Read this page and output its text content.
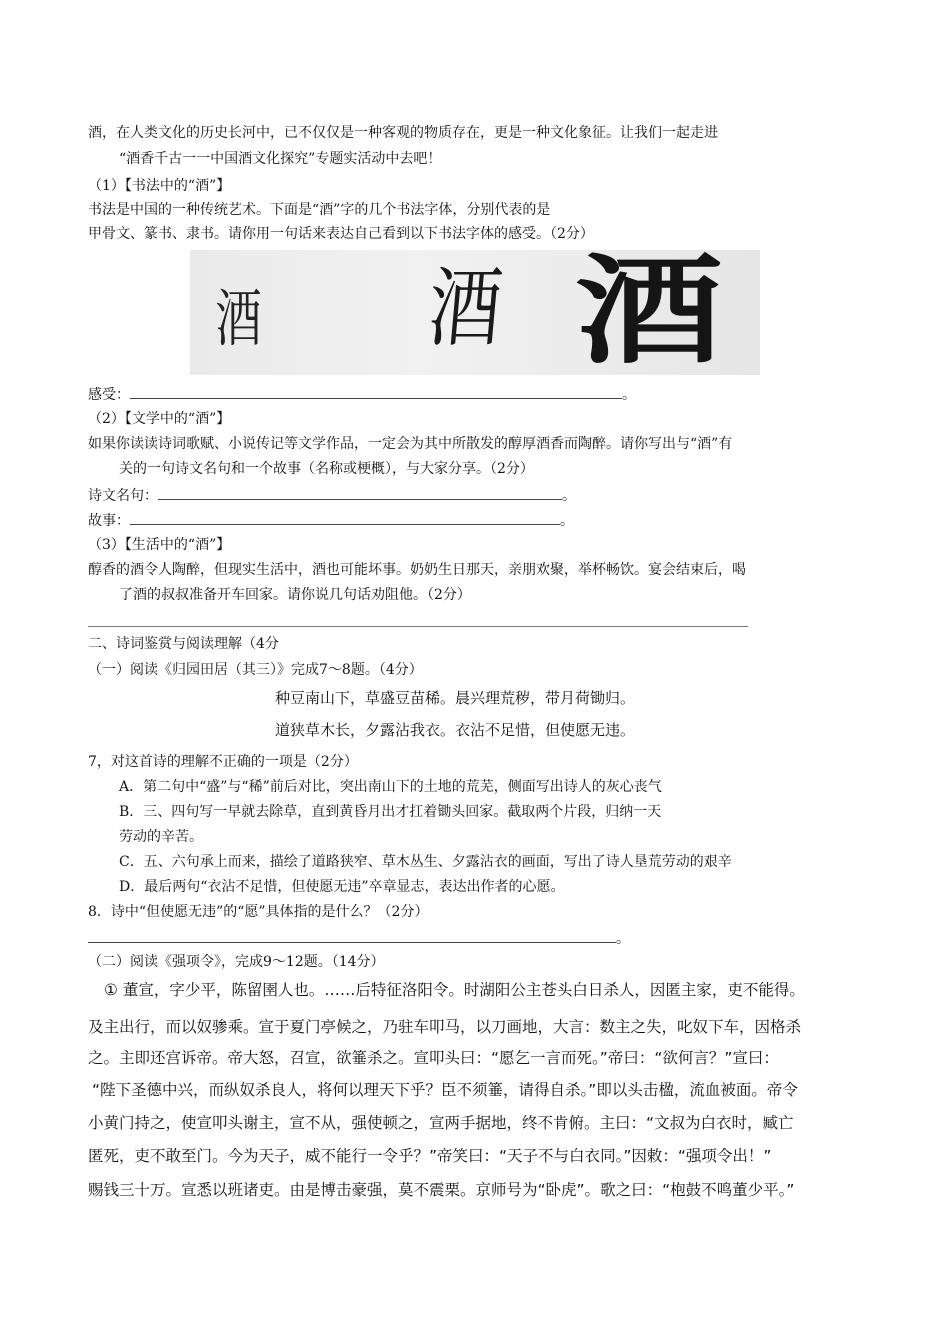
酒，在人类文化的历史长河中，已不仅仅是一种客观的物质存在，更是一种文化象征。让我们一起走进
“酒香千古一一中国酒文化探究”专题实活动中去吧！
（1）【书法中的“酒”】
书法是中国的一种传统艺术。下面是“酒”字的几个书法字体，分别代表的是
甲骨文、篆书、隶书。请你用一句话来表达自己看到以下书法字体的感受。（2分）
酒 酒 酒
感受：	。
（2）【文学中的“酒”】
如果你读读诗词歌赋、小说传记等文学作品，一定会为其中所散发的醇厚酒香而陶醉。请你写出与“酒”有
关的一句诗文名句和一个故事（名称或梗概），与大家分享。（2分）
诗文名句：	。
故事：	。
（3）【生活中的“酒”】
醇香的酒令人陶醉，但现实生活中，酒也可能坏事。奶奶生日那天，亲朋欢聚，举杯畅饮。宴会结束后，喝
了酒的叔叔准备开车回家。请你说几句话劝阻他。（2分）
二、诗词鉴赏与阅读理解（4分
（一）阅读《归园田居（其三）》完成7～8题。（4分）
种豆南山下，草盛豆苗稀。晨兴理荒秽，带月荷锄归。
道狭草木长，夕露沾我衣。衣沾不足惜，但使愿无违。
7，对这首诗的理解不正确的一项是（2分）
A．第二句中“盛”与“稀”前后对比，突出南山下的土地的荒芜，侧面写出诗人的灰心丧气
B．三、四句写一早就去除草，直到黄昏月出才扛着锄头回家。截取两个片段，归纳一天
劳动的辛苦。
C．五、六句承上而来，描绘了道路狭窄、草木丛生、夕露沾衣的画面，写出了诗人垦荒劳动的艰辛
D．最后两句“衣沾不足惜，但使愿无违”卒章显志，表达出作者的心愿。
8．诗中“但使愿无违”的“愿”具体指的是什么？（2分）
。
（二）阅读《强项令》，完成9～12题。（14分）
① 董宣，字少平，陈留圉人也。……后特征洛阳令。时湖阳公主苍头白日杀人，因匿主家，吏不能得。
及主出行，而以奴骖乘。宣于夏门亭候之，乃驻车叩马，以刀画地，大言：数主之失，叱奴下车，因格杀
之。主即还宫诉帝。帝大怒，召宣，欲箠杀之。宣叩头曰：“愿乞一言而死。”帝曰：“欲何言？”宣曰：
“陛下圣德中兴，而纵奴杀良人，将何以理天下乎？臣不须箠，请得自杀。”即以头击楹，流血被面。帝令
小黄门持之，使宣叩头谢主，宣不从，强使顿之，宣两手据地，终不肯俯。主曰：“文叔为白衣时，臧亡
匿死，吏不敢至门。今为天子，威不能行一令乎？”帝笑曰：“天子不与白衣同。”因敕：“强项令出！”
赐钱三十万。宣悉以班诸吏。由是博击豪强，莫不震栗。京师号为“卧虎”。歌之曰：“枹鼓不鸣董少平。”
